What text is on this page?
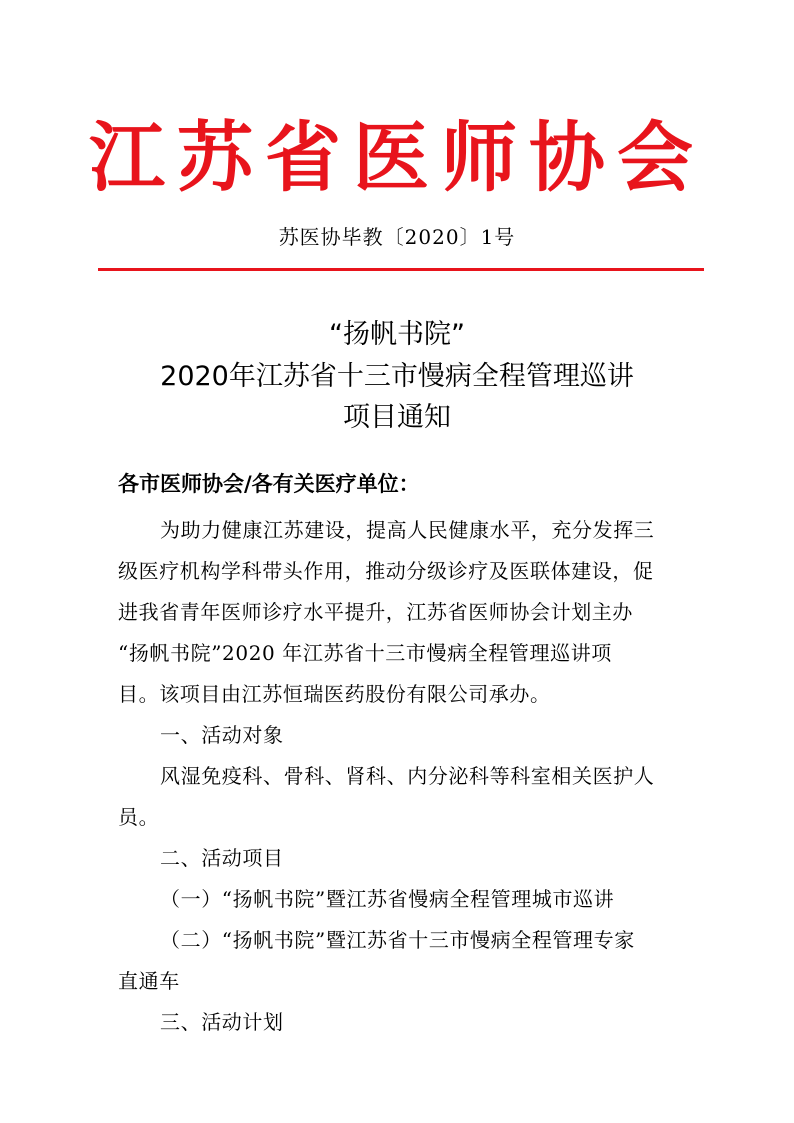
江苏省医师协会
苏医协毕教〔2020〕1号
“扬帆书院”
2020年江苏省十三市慢病全程管理巡讲
项目通知
各市医师协会/各有关医疗单位：
为助力健康江苏建设，提高人民健康水平，充分发挥三
级医疗机构学科带头作用，推动分级诊疗及医联体建设，促
进我省青年医师诊疗水平提升，江苏省医师协会计划主办
“扬帆书院”2020 年江苏省十三市慢病全程管理巡讲项
目。该项目由江苏恒瑞医药股份有限公司承办。
一、活动对象
风湿免疫科、骨科、肾科、内分泌科等科室相关医护人
员。
二、活动项目
（一）“扬帆书院”暨江苏省慢病全程管理城市巡讲
（二）“扬帆书院”暨江苏省十三市慢病全程管理专家
直通车
三、活动计划
